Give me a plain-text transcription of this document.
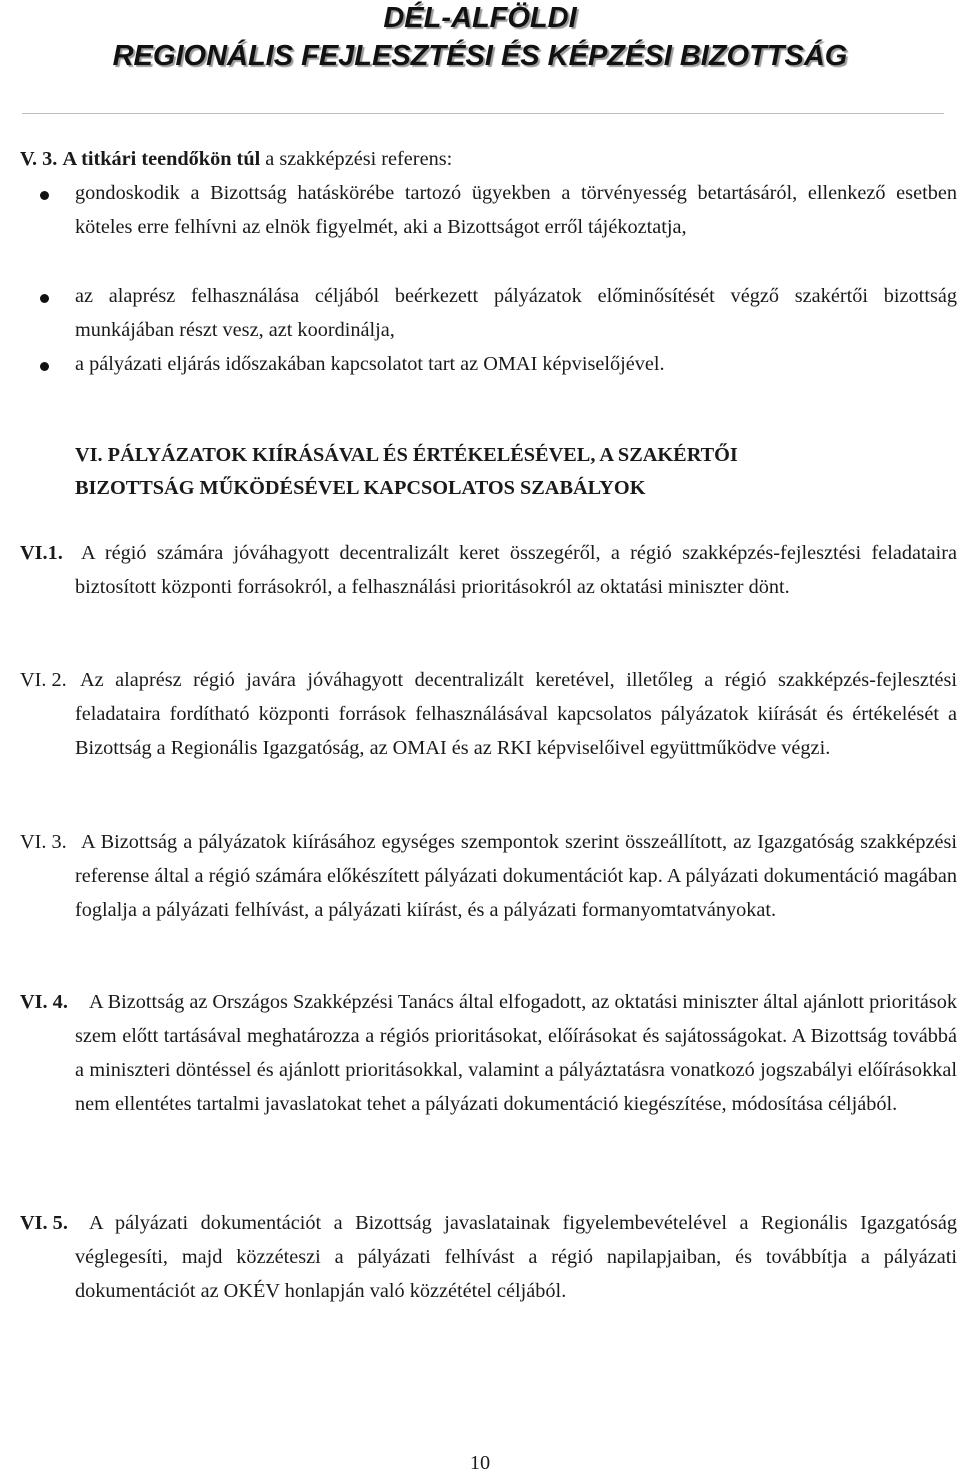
DÉL-ALFÖLDI
REGIONÁLIS FEJLESZTÉSI ÉS KÉPZÉSI BIZOTTSÁG
V. 3. A titkári teendőkön túl a szakképzési referens:
gondoskodik a Bizottság hatáskörébe tartozó ügyekben a törvényesség betartásáról, ellenkező esetben köteles erre felhívni az elnök figyelmét, aki a Bizottságot erről tájékoztatja,
az alaprész felhasználása céljából beérkezett pályázatok előminősítését végző szakértői bizottság munkájában részt vesz, azt koordinálja,
a pályázati eljárás időszakában kapcsolatot tart az OMAI képviselőjével.
VI. PÁLYÁZATOK KIÍRÁSÁVAL ÉS ÉRTÉKELÉSÉVEL, A SZAKÉRTŐI
BIZOTTSÁG MŰKÖDÉSÉVEL KAPCSOLATOS SZABÁLYOK
VI.1. A régió számára jóváhagyott decentralizált keret összegéről, a régió szakképzés-fejlesztési feladataira biztosított központi forrásokról, a felhasználási prioritásokról az oktatási miniszter dönt.
VI. 2. Az alaprész régió javára jóváhagyott decentralizált keretével, illetőleg a régió szakképzés-fejlesztési feladataira fordítható központi források felhasználásával kapcsolatos pályázatok kiírását és értékelését a Bizottság a Regionális Igazgatóság, az OMAI és az RKI képviselőivel együttműködve végzi.
VI. 3. A Bizottság a pályázatok kiírásához egységes szempontok szerint összeállított, az Igazgatóság szakképzési referense által a régió számára előkészített pályázati dokumentációt kap. A pályázati dokumentáció magában foglalja a pályázati felhívást, a pályázati kiírást, és a pályázati formanyomtatványokat.
VI. 4.	A Bizottság az Országos Szakképzési Tanács által elfogadott, az oktatási miniszter által ajánlott prioritások szem előtt tartásával meghatározza a régiós prioritásokat, előírásokat és sajátosságokat. A Bizottság továbbá a miniszteri döntéssel és ajánlott prioritásokkal, valamint a pályáztatásra vonatkozó jogszabályi előírásokkal nem ellentétes tartalmi javaslatokat tehet a pályázati dokumentáció kiegészítése, módosítása céljából.
VI. 5.	A pályázati dokumentációt a Bizottság javaslatainak figyelembevételével a Regionális Igazgatóság véglegesíti, majd közzéteszi a pályázati felhívást a régió napilapjaiban, és továbbítja a pályázati dokumentációt az OKÉV honlapján való közzététel céljából.
10
